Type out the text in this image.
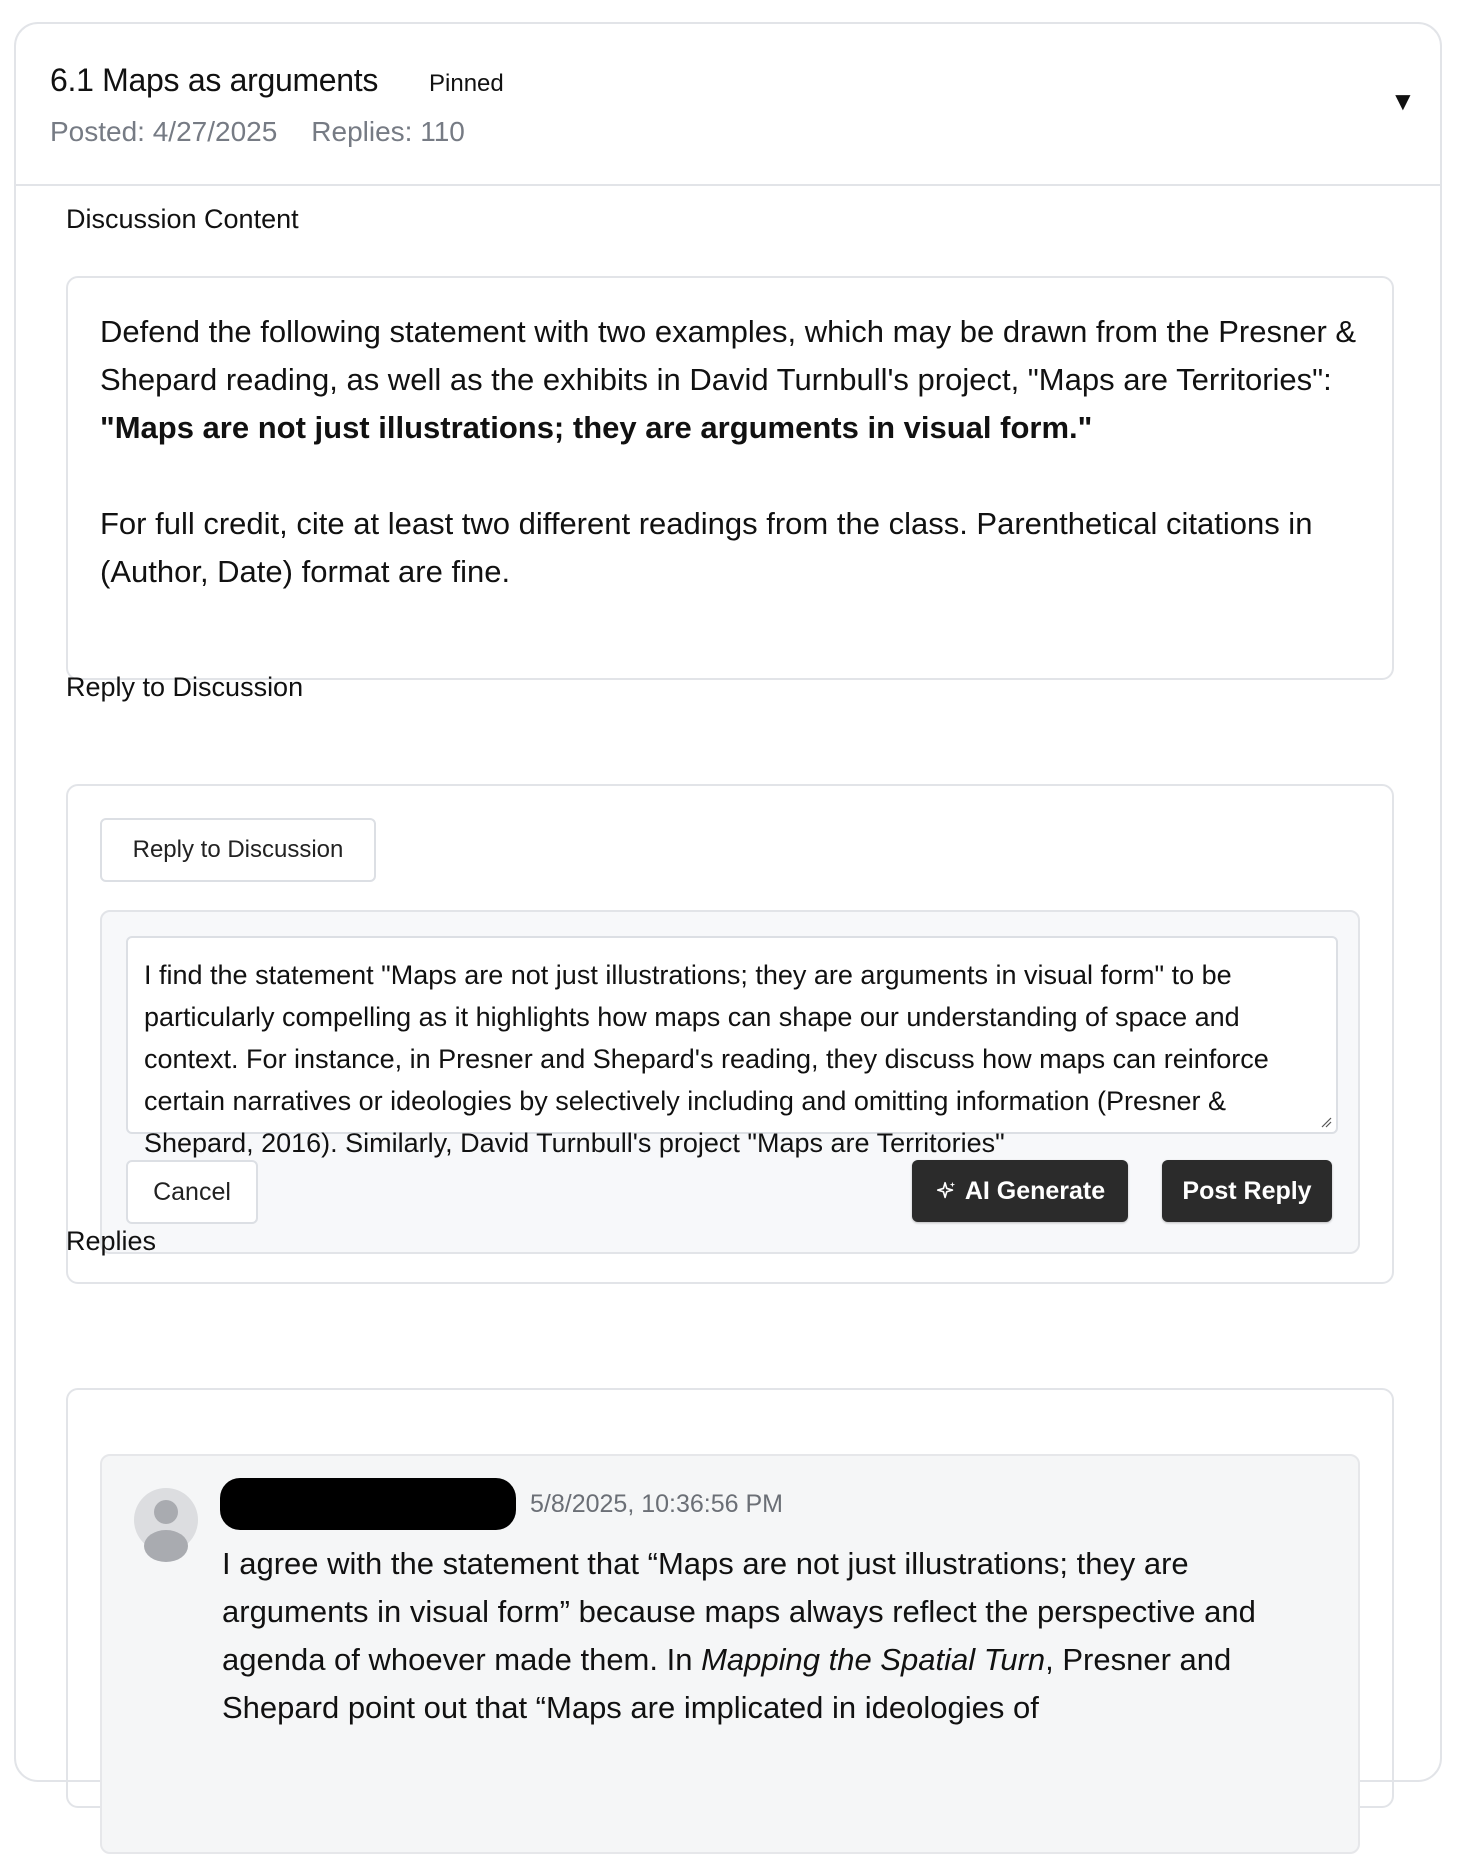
6.1 Maps as arguments Pinned
Posted: 4/27/2025 Replies: 110
▼
Discussion Content

Defend the following statement with two examples, which may be drawn from the Presner & Shepard reading, as well as the exhibits in David Turnbull's project, "Maps are Territories":

"Maps are not just illustrations; they are arguments in visual form."

For full credit, cite at least two different readings from the class. Parenthetical citations in (Author, Date) format are fine.

Reply to Discussion
Reply to Discussion
I find the statement "Maps are not just illustrations; they are arguments in visual form" to be particularly compelling as it highlights how maps can shape our understanding of space and context. For instance, in Presner and Shepard's reading, they discuss how maps can reinforce certain narratives or ideologies by selectively including and omitting information (Presner & Shepard, 2016). Similarly, David Turnbull's project "Maps are Territories"
Cancel	AI Generate	Post Reply
Replies
5/8/2025, 10:36:56 PM
I agree with the statement that “Maps are not just illustrations; they are arguments in visual form” because maps always reflect the perspective and agenda of whoever made them. In Mapping the Spatial Turn, Presner and Shepard point out that “Maps are implicated in ideologies of
